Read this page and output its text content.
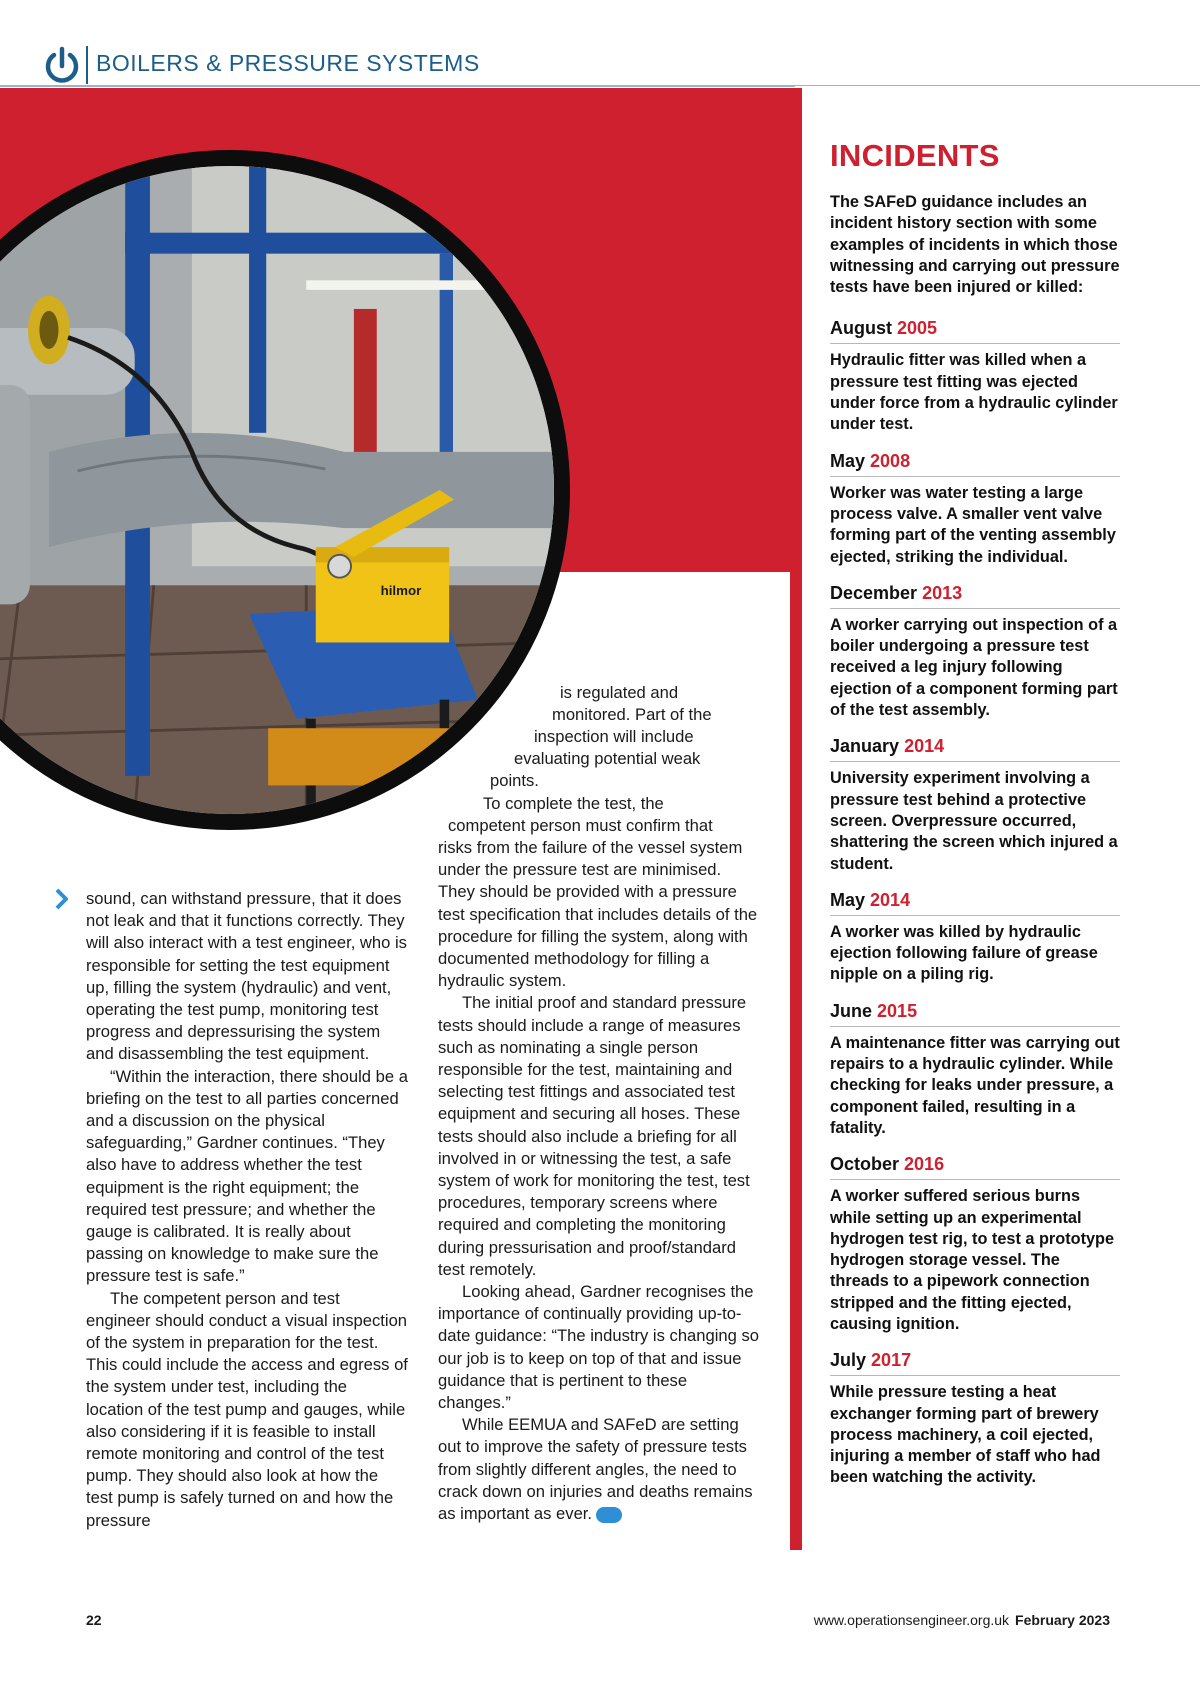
BOILERS & PRESSURE SYSTEMS
hilmor

sound, can withstand pressure, that it does not leak and that it functions correctly. They will also interact with a test engineer, who is responsible for setting the test equipment up, filling the system (hydraulic) and vent, operating the test pump, monitoring test progress and depressurising the system and disassembling the test equipment.

“Within the interaction, there should be a briefing on the test to all parties concerned and a discussion on the physical safeguarding,” Gardner continues. “They also have to address whether the test equipment is the right equipment; the required test pressure; and whether the gauge is calibrated. It is really about passing on knowledge to make sure the pressure test is safe.”

The competent person and test engineer should conduct a visual inspection of the system in preparation for the test. This could include the access and egress of the system under test, including the location of the test pump and gauges, while also considering if it is feasible to install remote monitoring and control of the test pump. They should also look at how the test pump is safely turned on and how the pressure

is regulated and
monitored. Part of the
inspection will include
evaluating potential weak
points.
To complete the test, the
competent person must confirm that

risks from the failure of the vessel system under the pressure test are minimised. They should be provided with a pressure test specification that includes details of the procedure for filling the system, along with documented methodology for filling a hydraulic system.

The initial proof and standard pressure tests should include a range of measures such as nominating a single person responsible for the test, maintaining and selecting test fittings and associated test equipment and securing all hoses. These tests should also include a briefing for all involved in or witnessing the test, a safe system of work for monitoring the test, test procedures, temporary screens where required and completing the monitoring during pressurisation and proof/standard test remotely.

Looking ahead, Gardner recognises the importance of continually providing up-to-date guidance: “The industry is changing so our job is to keep on top of that and issue guidance that is pertinent to these changes.”

While EEMUA and SAFeD are setting out to improve the safety of pressure tests from slightly different angles, the need to crack down on injuries and deaths remains as important as ever.	oe

INCIDENTS
The SAFeD guidance includes an incident history section with some examples of incidents in which those witnessing and carrying out pressure tests have been injured or killed:
August 2005
Hydraulic fitter was killed when a pressure test fitting was ejected under force from a hydraulic cylinder under test.
May 2008
Worker was water testing a large process valve. A smaller vent valve forming part of the venting assembly ejected, striking the individual.
December 2013
A worker carrying out inspection of a boiler undergoing a pressure test received a leg injury following ejection of a component forming part of the test assembly.
January 2014
University experiment involving a pressure test behind a protective screen. Overpressure occurred, shattering the screen which injured a student.
May 2014
A worker was killed by hydraulic ejection following failure of grease nipple on a piling rig.
June 2015
A maintenance fitter was carrying out repairs to a hydraulic cylinder. While checking for leaks under pressure, a component failed, resulting in a fatality.
October 2016
A worker suffered serious burns while setting up an experimental hydrogen test rig, to test a prototype hydrogen storage vessel. The threads to a pipework connection stripped and the fitting ejected, causing ignition.
July 2017
While pressure testing a heat exchanger forming part of brewery process machinery, a coil ejected, injuring a member of staff who had been watching the activity.
22	www.operationsengineer.org.uk February 2023
